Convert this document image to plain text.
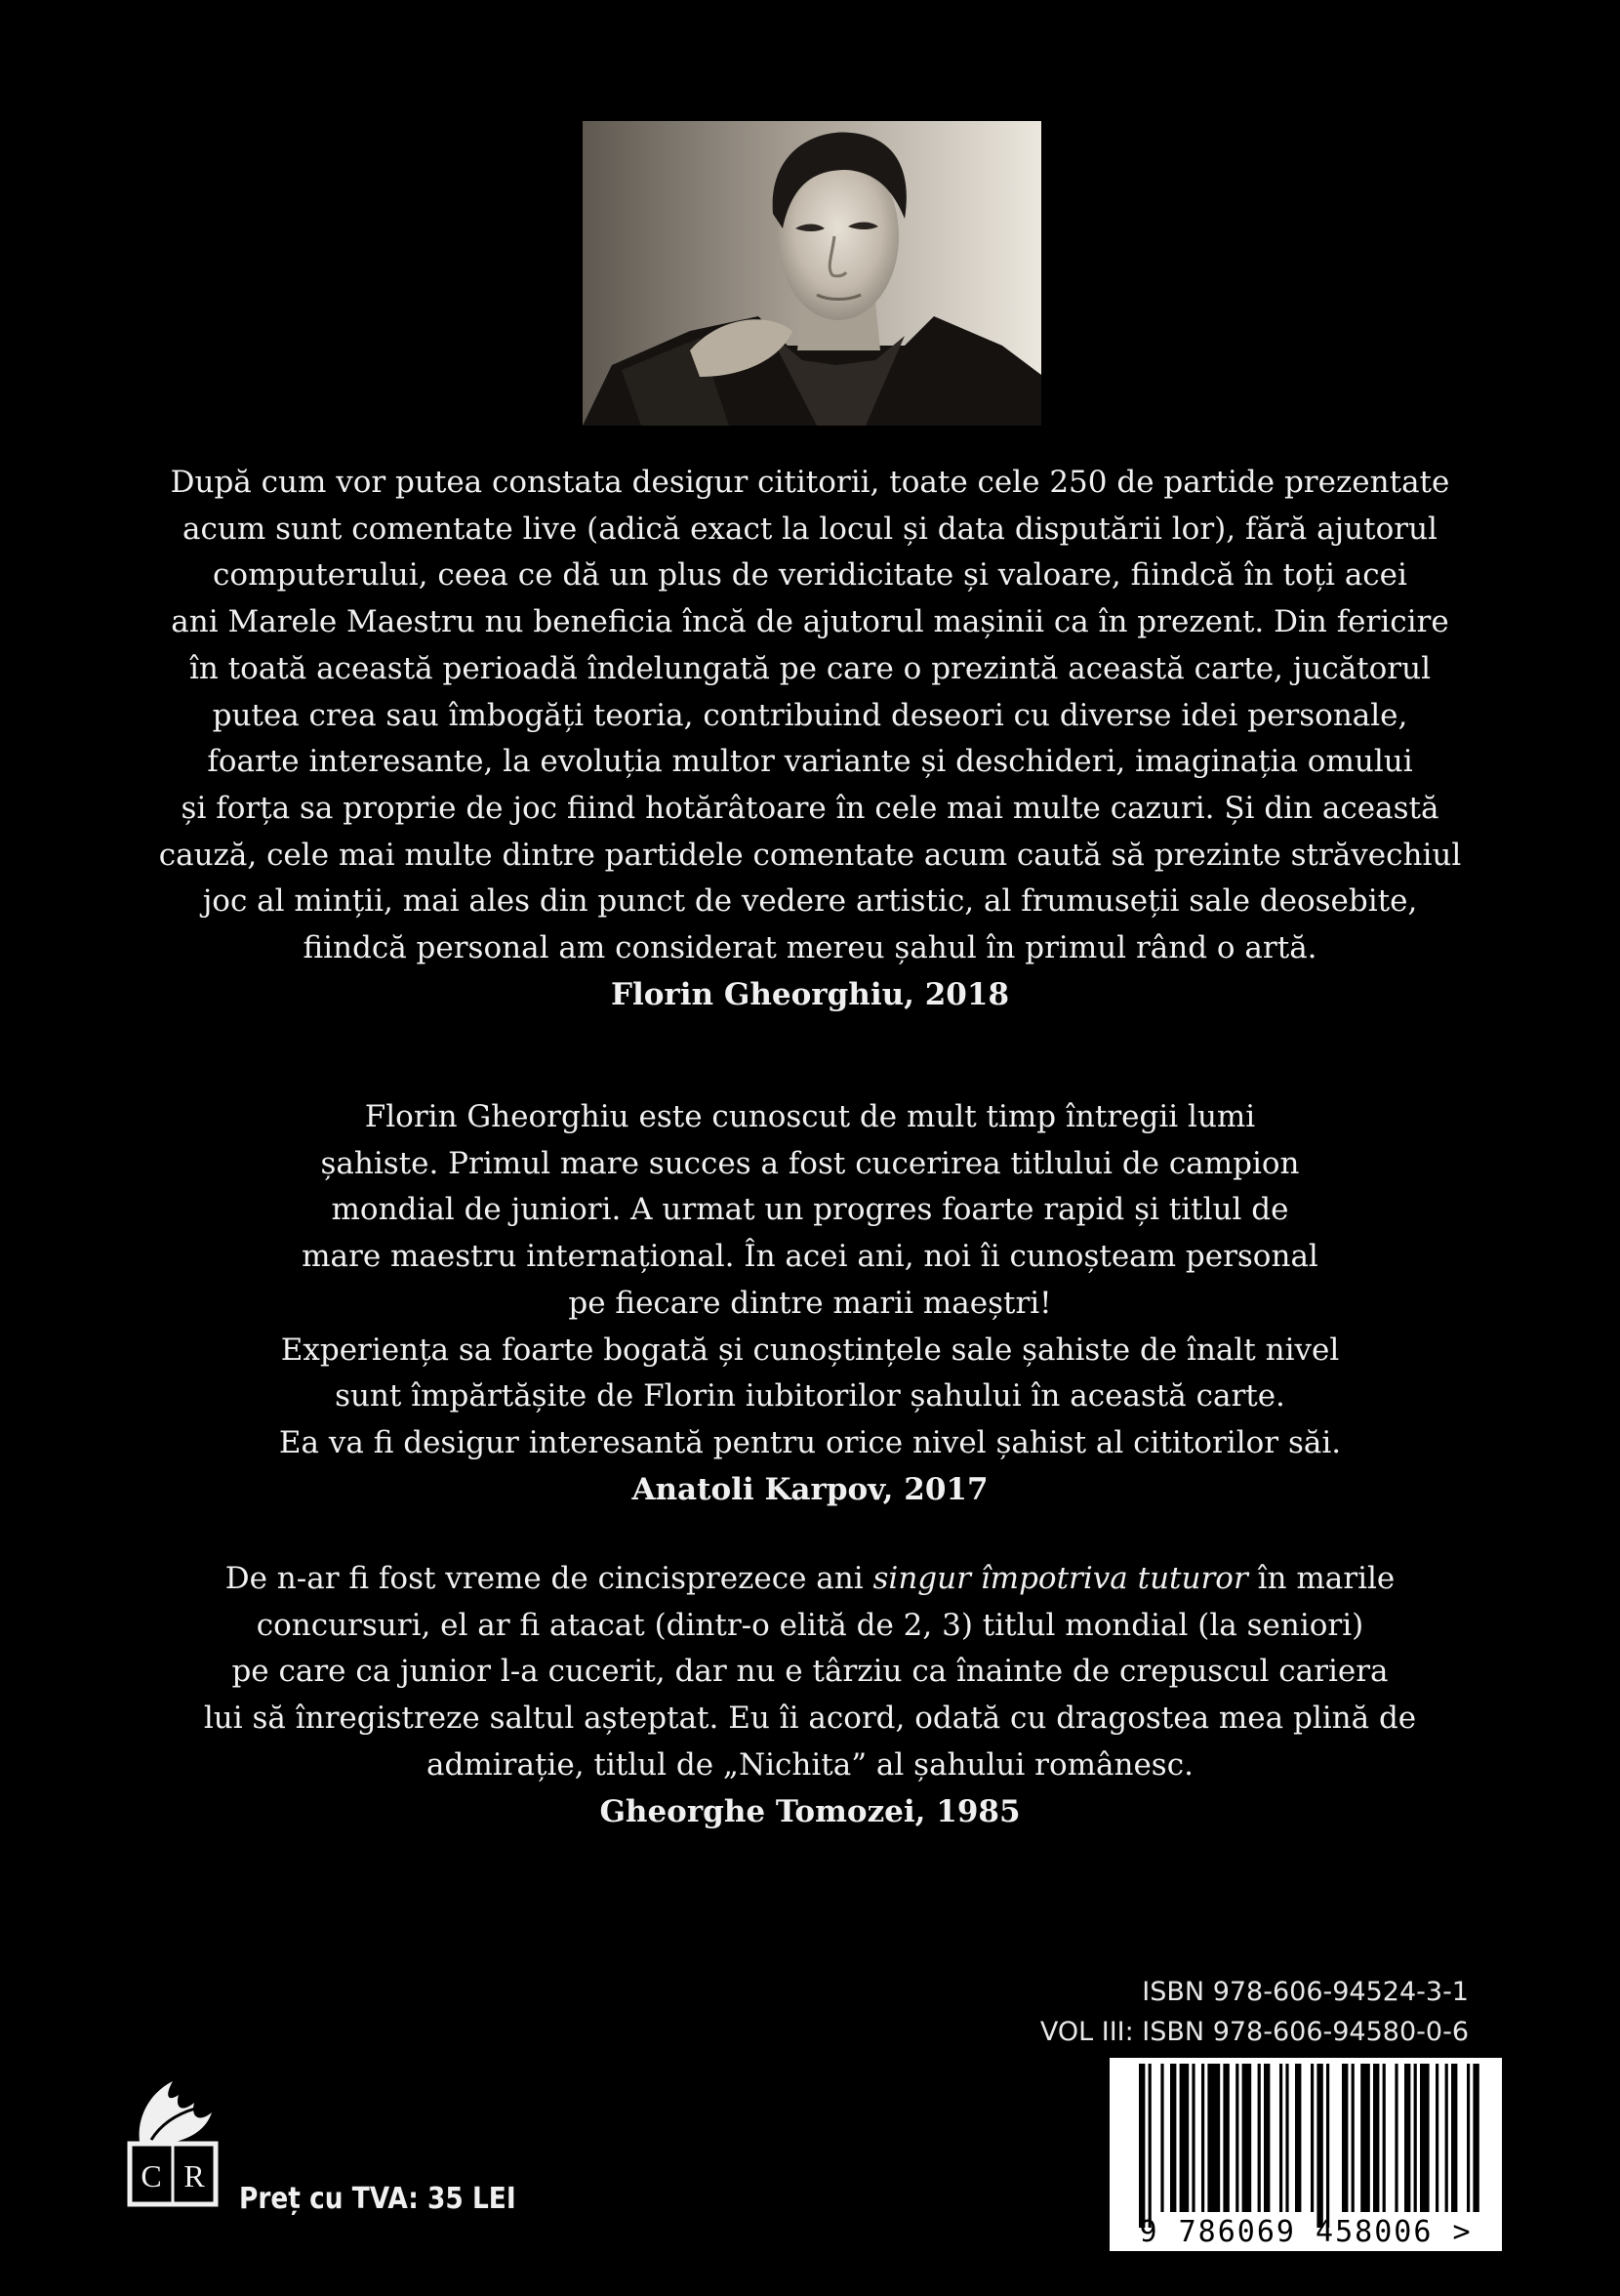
După cum vor putea constata desigur cititorii, toate cele 250 de partide prezentate
acum sunt comentate live (adică exact la locul și data disputării lor), fără ajutorul
computerului, ceea ce dă un plus de veridicitate și valoare, fiindcă în toți acei
ani Marele Maestru nu beneficia încă de ajutorul mașinii ca în prezent. Din fericire
în toată această perioadă îndelungată pe care o prezintă această carte, jucătorul
putea crea sau îmbogăți teoria, contribuind deseori cu diverse idei personale,
foarte interesante, la evoluția multor variante și deschideri, imaginația omului
și forța sa proprie de joc fiind hotărâtoare în cele mai multe cazuri. Și din această
cauză, cele mai multe dintre partidele comentate acum caută să prezinte străvechiul
joc al minții, mai ales din punct de vedere artistic, al frumuseții sale deosebite,
fiindcă personal am considerat mereu șahul în primul rând o artă.
Florin Gheorghiu, 2018
Florin Gheorghiu este cunoscut de mult timp întregii lumi
șahiste. Primul mare succes a fost cucerirea titlului de campion
mondial de juniori. A urmat un progres foarte rapid și titlul de
mare maestru internațional. În acei ani, noi îi cunoșteam personal
pe fiecare dintre marii maeștri!
Experiența sa foarte bogată și cunoștințele sale șahiste de înalt nivel
sunt împărtășite de Florin iubitorilor șahului în această carte.
Ea va fi desigur interesantă pentru orice nivel șahist al cititorilor săi.
Anatoli Karpov, 2017
De n-ar fi fost vreme de cincisprezece ani singur împotriva tuturor în marile
concursuri, el ar fi atacat (dintr-o elită de 2, 3) titlul mondial (la seniori)
pe care ca junior l-a cucerit, dar nu e târziu ca înainte de crepuscul cariera
lui să înregistreze saltul așteptat. Eu îi acord, odată cu dragostea mea plină de
admirație, titlul de „Nichita” al șahului românesc.
Gheorghe Tomozei, 1985
ISBN 978-606-94524-3-1
VOL III: ISBN 978-606-94580-0-6
9 786069 458006 >
C R
Preț cu TVA: 35 LEI
